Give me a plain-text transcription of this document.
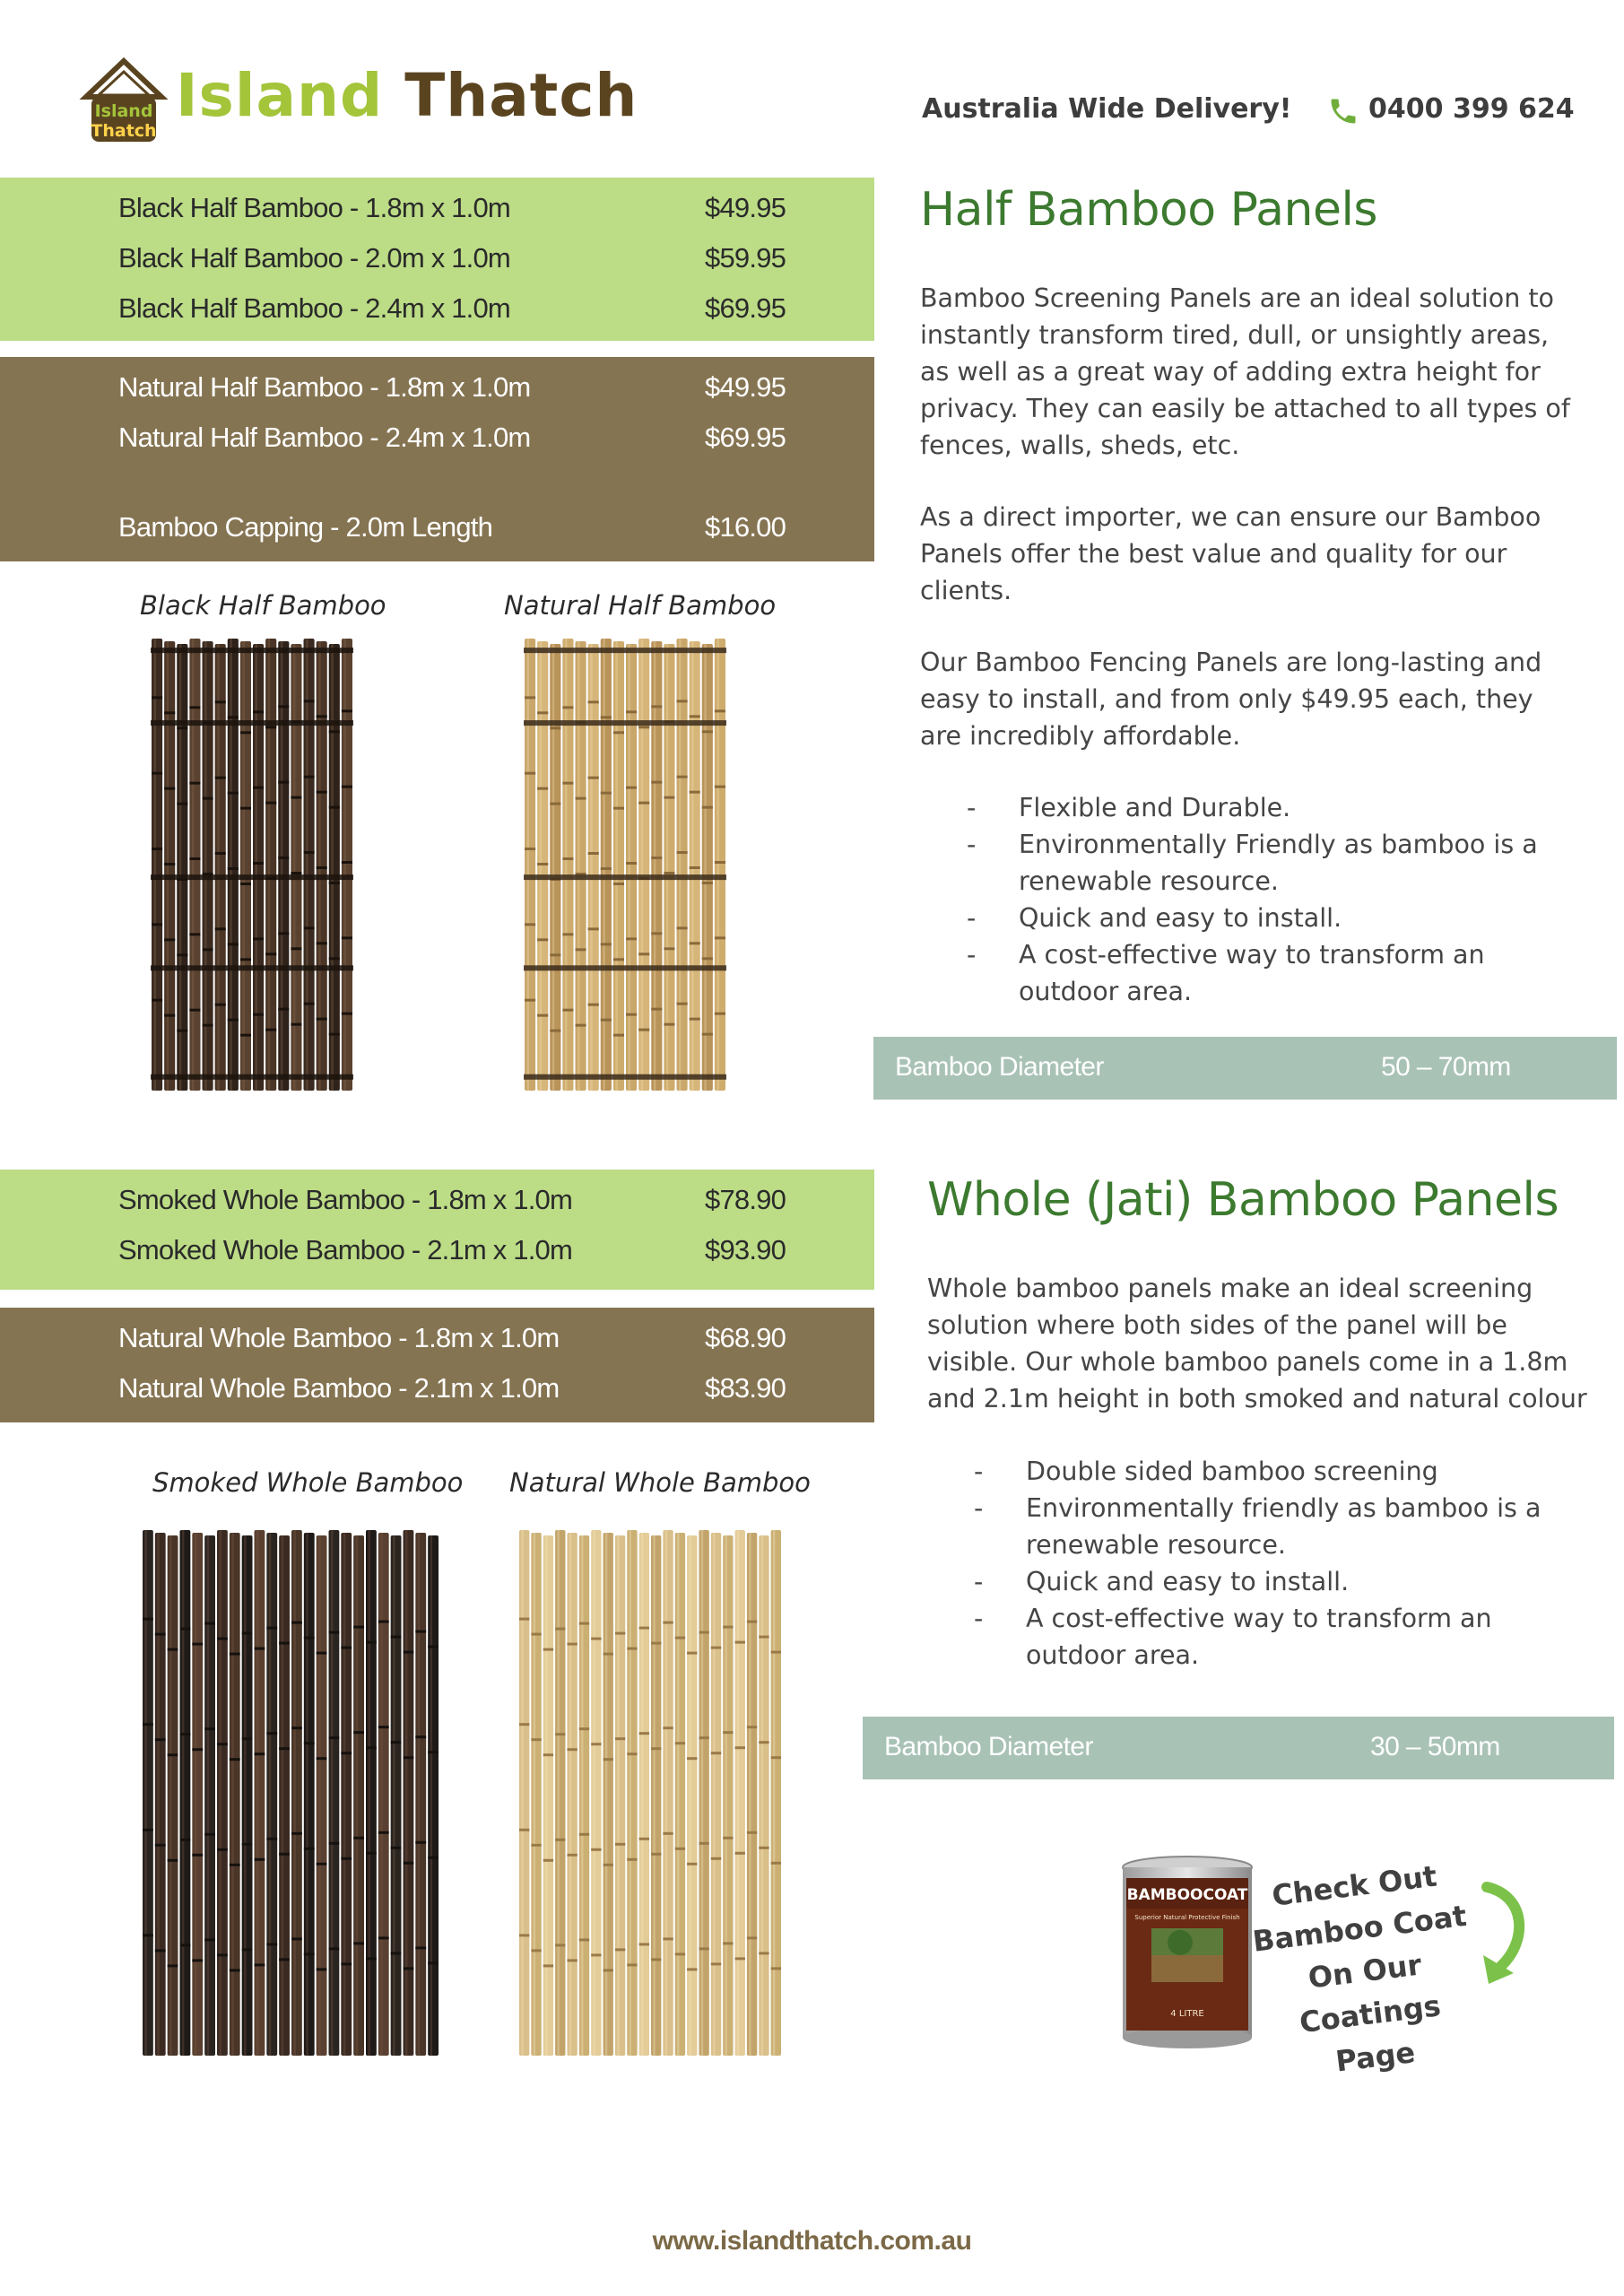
Island
Thatch
Island Thatch	Australia Wide Delivery!	0400 399 624
Black Half Bamboo - 1.8m x 1.0m	$49.95
Black Half Bamboo - 2.0m x 1.0m	$59.95
Black Half Bamboo - 2.4m x 1.0m	$69.95
Natural Half Bamboo - 1.8m x 1.0m	$49.95
Natural Half Bamboo - 2.4m x 1.0m	$69.95
Bamboo Capping - 2.0m Length	$16.00
Black Half Bamboo	Natural Half Bamboo
Half Bamboo Panels
Bamboo Screening Panels are an ideal solution to instantly transform tired, dull, or unsightly areas, as well as a great way of adding extra height for privacy. They can easily be attached to all types of fences, walls, sheds, etc.
As a direct importer, we can ensure our Bamboo Panels offer the best value and quality for our clients.
Our Bamboo Fencing Panels are long-lasting and easy to install, and from only $49.95 each, they are incredibly affordable.
- Flexible and Durable.
- Environmentally Friendly as bamboo is a renewable resource.
- Quick and easy to install.
- A cost-effective way to transform an outdoor area.
Bamboo Diameter	50 – 70mm
Smoked Whole Bamboo - 1.8m x 1.0m	$78.90
Smoked Whole Bamboo - 2.1m x 1.0m	$93.90
Natural Whole Bamboo - 1.8m x 1.0m	$68.90
Natural Whole Bamboo - 2.1m x 1.0m	$83.90
Smoked Whole Bamboo Natural Whole Bamboo
Whole (Jati) Bamboo Panels
Whole bamboo panels make an ideal screening solution where both sides of the panel will be visible. Our whole bamboo panels come in a 1.8m and 2.1m height in both smoked and natural colour
- Double sided bamboo screening
- Environmentally friendly as bamboo is a renewable resource.
- Quick and easy to install.
- A cost-effective way to transform an outdoor area.
Bamboo Diameter	30 – 50mm
BAMBOOCOAT
Superior Natural Protective Finish
4 LITRE
Check Out
Bamboo Coat
On Our
Coatings Page
www.islandthatch.com.au
